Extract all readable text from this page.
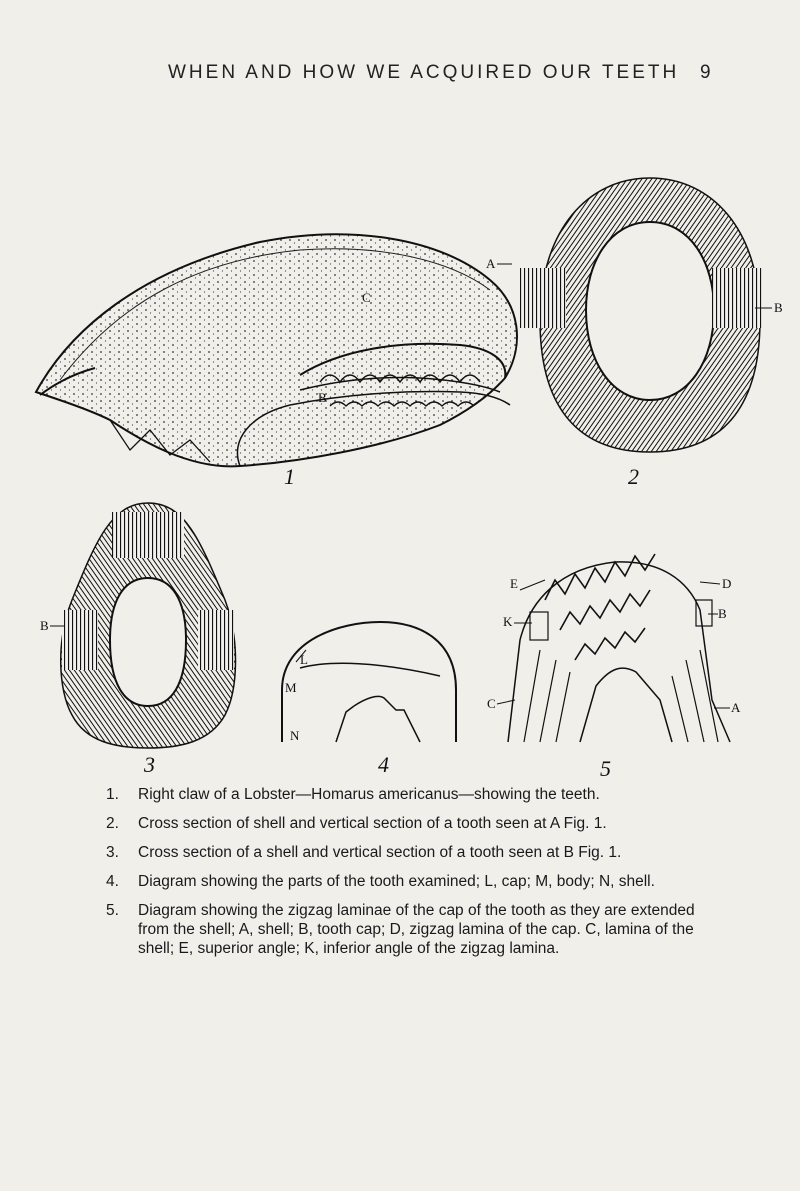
WHEN AND HOW WE ACQUIRED OUR TEETH 9
A
B
C
1
B
2
B
3
L
M
N
4
E
K
C
D
B
A
5
1. Right claw of a Lobster—Homarus americanus—showing the teeth.
2. Cross section of shell and vertical section of a tooth seen at A Fig. 1.
3. Cross section of a shell and vertical section of a tooth seen at B Fig. 1.
4. Diagram showing the parts of the tooth examined; L, cap; M, body; N, shell.
5. Diagram showing the zigzag laminae of the cap of the tooth as they are extended from the shell; A, shell; B, tooth cap; D, zigzag lamina of the cap. C, lamina of the shell; E, superior angle; K, inferior angle of the zigzag lamina.
